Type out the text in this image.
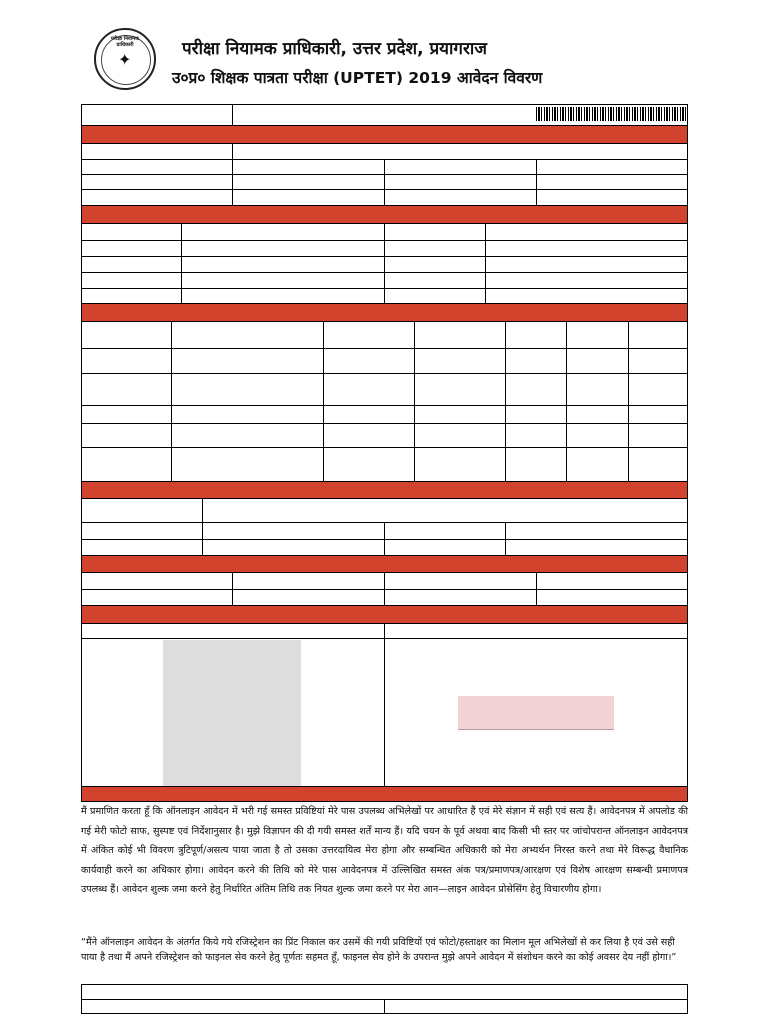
परीक्षा नियामक प्राधिकारी
✦
परीक्षा नियामक प्राधिकारी, उत्तर प्रदेश, प्रयागराज
उ०प्र० शिक्षक पात्रता परीक्षा (UPTET) 2019 आवेदन विवरण
मैं प्रमाणित करता हूँ कि ऑनलाइन आवेदन में भरी गई समस्त प्रविष्टियां मेरे पास उपलब्ध अभिलेखों पर आधारित हैं एवं मेरे संज्ञान में सही एवं सत्य हैं। आवेदनपत्र में अपलोड की गई मेरी फोटो साफ, सुस्पष्ट एवं निर्देशानुसार है। मुझे विज्ञापन की दी गयी समस्त शर्तें मान्य हैं। यदि चयन के पूर्व अथवा बाद किसी भी स्तर पर जांचोपरान्त ऑनलाइन आवेदनपत्र में अंकित कोई भी विवरण त्रुटिपूर्ण/असत्य पाया जाता है तो उसका उत्तरदायित्व मेरा होगा और सम्बन्धित अधिकारी को मेरा अभ्यर्थन निरस्त करने तथा मेरे विरूद्ध वैधानिक कार्यवाही करने का अधिकार होगा। आवेदन करने की तिथि को मेरे पास आवेदनपत्र में उल्लिखित समस्त अंक पत्र/प्रमाणपत्र/आरक्षण एवं विशेष आरक्षण सम्बन्धी प्रमाणपत्र उपलब्ध हैं। आवेदन शुल्क जमा करने हेतु निर्धारित अंतिम तिथि तक नियत शुल्क जमा करने पर मेरा आन—लाइन आवेदन प्रोसेसिंग हेतु विचारणीय होगा।
“मैंने ऑनलाइन आवेदन के अंतर्गत किये गये रजिस्ट्रेशन का प्रिंट निकाल कर उसमें की गयी प्रविष्टियों एवं फोटो/हस्ताक्षर का मिलान मूल अभिलेखों से कर लिया है एवं उसे सही पाया है तथा मैं अपने रजिस्ट्रेशन को फाइनल सेव करने हेतु पूर्णतः सहमत हूँ, फाइनल सेव होने के उपरान्त मुझे अपने आवेदन में संशोधन करने का कोई अवसर देय नहीं होगा।”
